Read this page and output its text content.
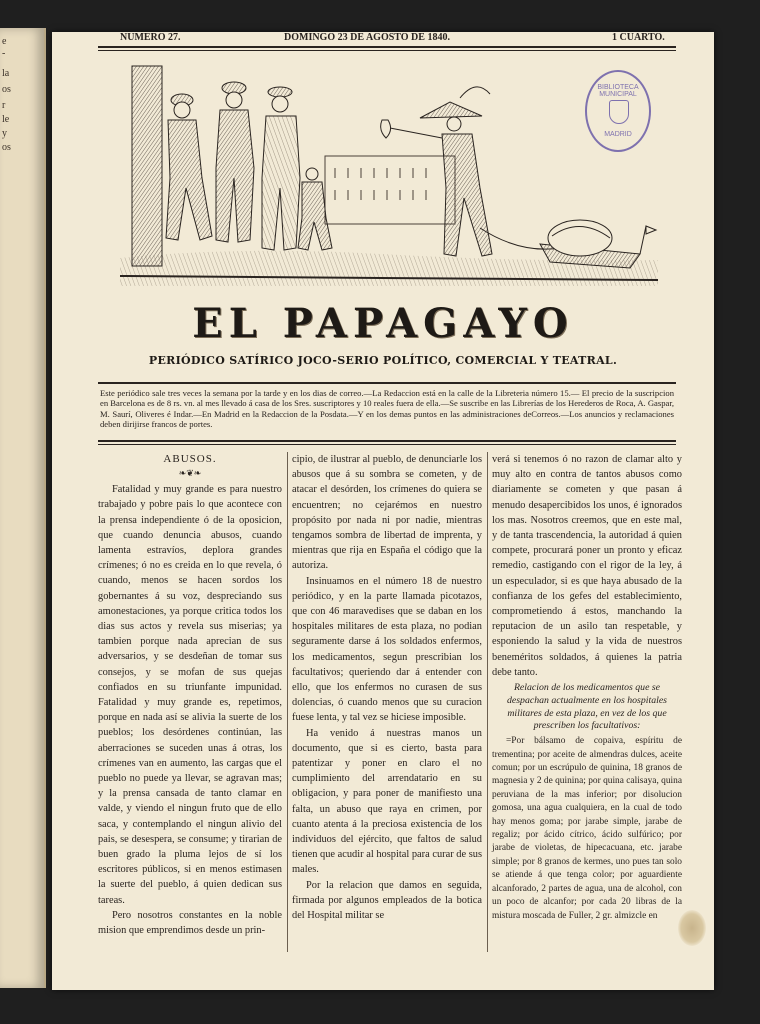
e
-
la
os
r
le
y
os
NUMERO 27.	DOMINGO 23 DE AGOSTO DE 1840.	1 CUARTO.
BIBLIOTECA MUNICIPAL
MADRID
EL PAPAGAYO
PERIÓDICO SATÍRICO JOCO-SERIO POLÍTICO, COMERCIAL Y TEATRAL.
Este periódico sale tres veces la semana por la tarde y en los dias de correo.—La Redaccion está en la calle de la Libreteria número 15.— El precio de la suscripcion en Barcelona es de 8 rs. vn. al mes llevado á casa de los Sres. suscriptores y 10 reales fuera de ella.—Se suscribe en las Librerías de los Herederos de Roca, A. Gaspar, M. Saurí, Oliveres é Indar.—En Madrid en la Redaccion de la Posdata.—Y en los demas puntos en las administraciones deCorreos.—Los anuncios y reclamaciones deben dirijirse francos de portes.
ABUSOS.
❧❦❧

Fatalidad y muy grande es para nuestro trabajado y pobre pais lo que acontece con la prensa independiente ó de la oposicion, que cuando denuncia abusos, cuando lamenta estravíos, deplora grandes crímenes; ó no es creida en lo que revela, ó cuando, menos se hacen sordos los gobernantes á su voz, despreciando sus amonestaciones, ya porque critica todos los dias sus actos y revela sus miserias; ya tambien porque nada aprecian de sus adversarios, y se desdeñan de tomar sus consejos, y se mofan de sus quejas confiados en su triunfante impunidad. Fatalidad y muy grande es, repetimos, porque en nada así se alivia la suerte de los pueblos; los desórdenes continúan, las aberraciones se suceden unas á otras, los crímenes van en aumento, las cargas que el pueblo no puede ya llevar, se agravan mas; y la prensa cansada de tanto clamar en valde, y viendo el ningun fruto que de ello saca, y contemplando el ningun alivio del pais, se desespera, se consume; y tirarian de buen grado la pluma lejos de sí los escritores públicos, si en menos estimasen la suerte del pueblo, á quien dedican sus tareas.

Pero nosotros constantes en la noble mision que emprendimos desde un prin-

cipio, de ilustrar al pueblo, de denunciarle los abusos que á su sombra se cometen, y de atacar el desórden, los crímenes do quiera se encuentren; no cejarémos en nuestro propósito por nada ni por nadie, mientras tengamos sombra de libertad de imprenta, y mientras que rija en España el código que la autoriza.

Insinuamos en el número 18 de nuestro periódico, y en la parte llamada picotazos, que con 46 maravedises que se daban en los hospitales militares de esta plaza, no podian seguramente darse á los soldados enfermos, los medicamentos, segun prescribian los facultativos; queriendo dar á entender con ello, que los enfermos no curasen de sus dolencias, ó cuando menos que su curacion fuese lenta, y tal vez se hiciese imposible.

Ha venido á nuestras manos un documento, que si es cierto, basta para patentizar y poner en claro el no cumplimiento del arrendatario en su obligacion, y para poner de manifiesto una falta, un abuso que raya en crimen, por cuanto atenta á la preciosa existencia de los individuos del ejército, que faltos de salud tienen que acudir al hospital para curar de sus males.

Por la relacion que damos en seguida, firmada por algunos empleados de la botica del Hospital militar se

verá si tenemos ó no razon de clamar alto y muy alto en contra de tantos abusos como diariamente se cometen y que pasan á menudo desapercibidos los unos, é ignorados los mas. Nosotros creemos, que en este mal, y de tanta trascendencia, la autoridad á quien compete, procurará poner un pronto y eficaz remedio, castigando con el rigor de la ley, á un especulador, si es que haya abusado de la confianza de los gefes del establecimiento, comprometiendo á estos, manchando la reputacion de un asilo tan respetable, y esponiendo la salud y la vida de nuestros beneméritos soldados, á quienes la patria debe tanto.

Relacion de los medicamentos que se despachan actualmente en los hospitales militares de esta plaza, en vez de los que prescriben los facultativos:

=Por bálsamo de copaiva, espíritu de trementina; por aceite de almendras dulces, aceite comun; por un escrúpulo de quinina, 18 granos de magnesia y 2 de quinina; por quina calisaya, quina peruviana de la mas inferior; por disolucion gomosa, una agua cualquiera, en la cual de todo hay menos goma; por jarabe simple, jarabe de regaliz; por ácido cítrico, ácido sulfúrico; por jarabe de violetas, de hipecacuana, etc. jarabe simple; por 8 granos de kermes, uno pues tan solo se atiende á que tenga color; por aguardiente alcanforado, 2 partes de agua, una de alcohol, con un poco de alcanfor; por cada 20 libras de la mistura moscada de Fuller, 2 gr. almizcle en
